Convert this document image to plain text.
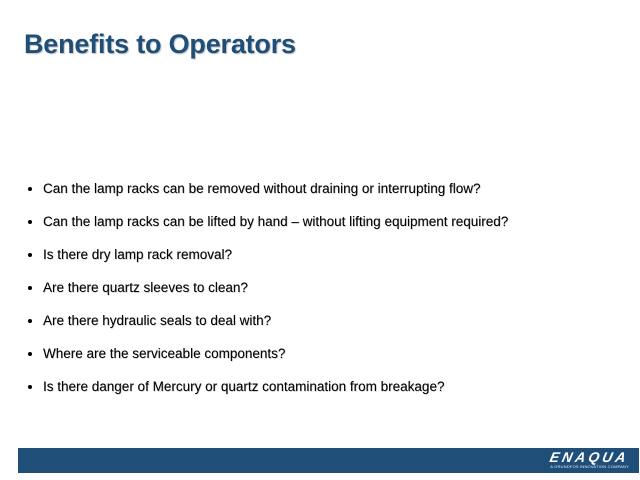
Benefits to Operators
Can the lamp racks can be removed without draining or interrupting flow?
Can the lamp racks can be lifted by hand – without lifting equipment required?
Is there dry lamp rack removal?
Are there quartz sleeves to clean?
Are there hydraulic seals to deal with?
Where are the serviceable components?
Is there danger of Mercury or quartz contamination from breakage?
ENAQUA
A GRUNDFOS INNOVATION COMPANY
